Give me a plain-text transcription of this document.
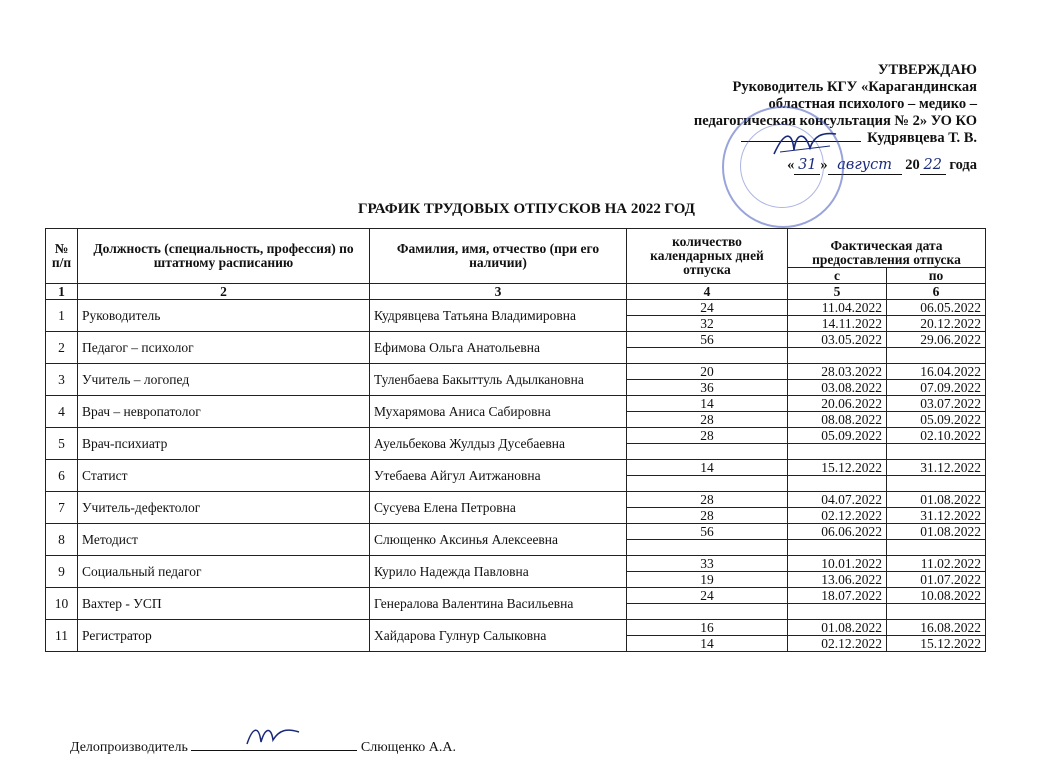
УТВЕРЖДАЮ
Руководитель КГУ «Карагандинская
областная психолого – медико –
педагогическая консультация № 2» УО КО
Кудрявцева Т. В.
« 31 » август 20 22 года
ГРАФИК ТРУДОВЫХ ОТПУСКОВ НА 2022 ГОД
№ п/п	Должность (специальность, профессия) по штатному расписанию	Фамилия, имя, отчество (при его наличии)	количество календарных дней отпуска	Фактическая дата предоставления отпуска	
				с	по
1	2	3	4	5	6
1	Руководитель	Кудрявцева Татьяна Владимировна	24	11.04.2022	06.05.2022
			32	14.11.2022	20.12.2022
2	Педагог – психолог	Ефимова Ольга Анатольевна	56	03.05.2022	29.06.2022

3	Учитель – логопед	Туленбаева Бакыттуль Адылкановна	20	28.03.2022	16.04.2022
			36	03.08.2022	07.09.2022
4	Врач – невропатолог	Мухарямова Аниса Сабировна	14	20.06.2022	03.07.2022
			28	08.08.2022	05.09.2022
5	Врач-психиатр	Ауельбекова Жулдыз Дусебаевна	28	05.09.2022	02.10.2022

6	Статист	Утебаева Айгул Аитжановна	14	15.12.2022	31.12.2022

7	Учитель-дефектолог	Сусуева Елена Петровна	28	04.07.2022	01.08.2022
			28	02.12.2022	31.12.2022
8	Методист	Слющенко Аксинья Алексеевна	56	06.06.2022	01.08.2022

9	Социальный педагог	Курило Надежда Павловна	33	10.01.2022	11.02.2022
			19	13.06.2022	01.07.2022
10	Вахтер - УСП	Генералова Валентина Васильевна	24	18.07.2022	10.08.2022

11	Регистратор	Хайдарова Гулнур Салыковна	16	01.08.2022	16.08.2022
			14	02.12.2022	15.12.2022
Делопроизводитель	Слющенко А.А.
